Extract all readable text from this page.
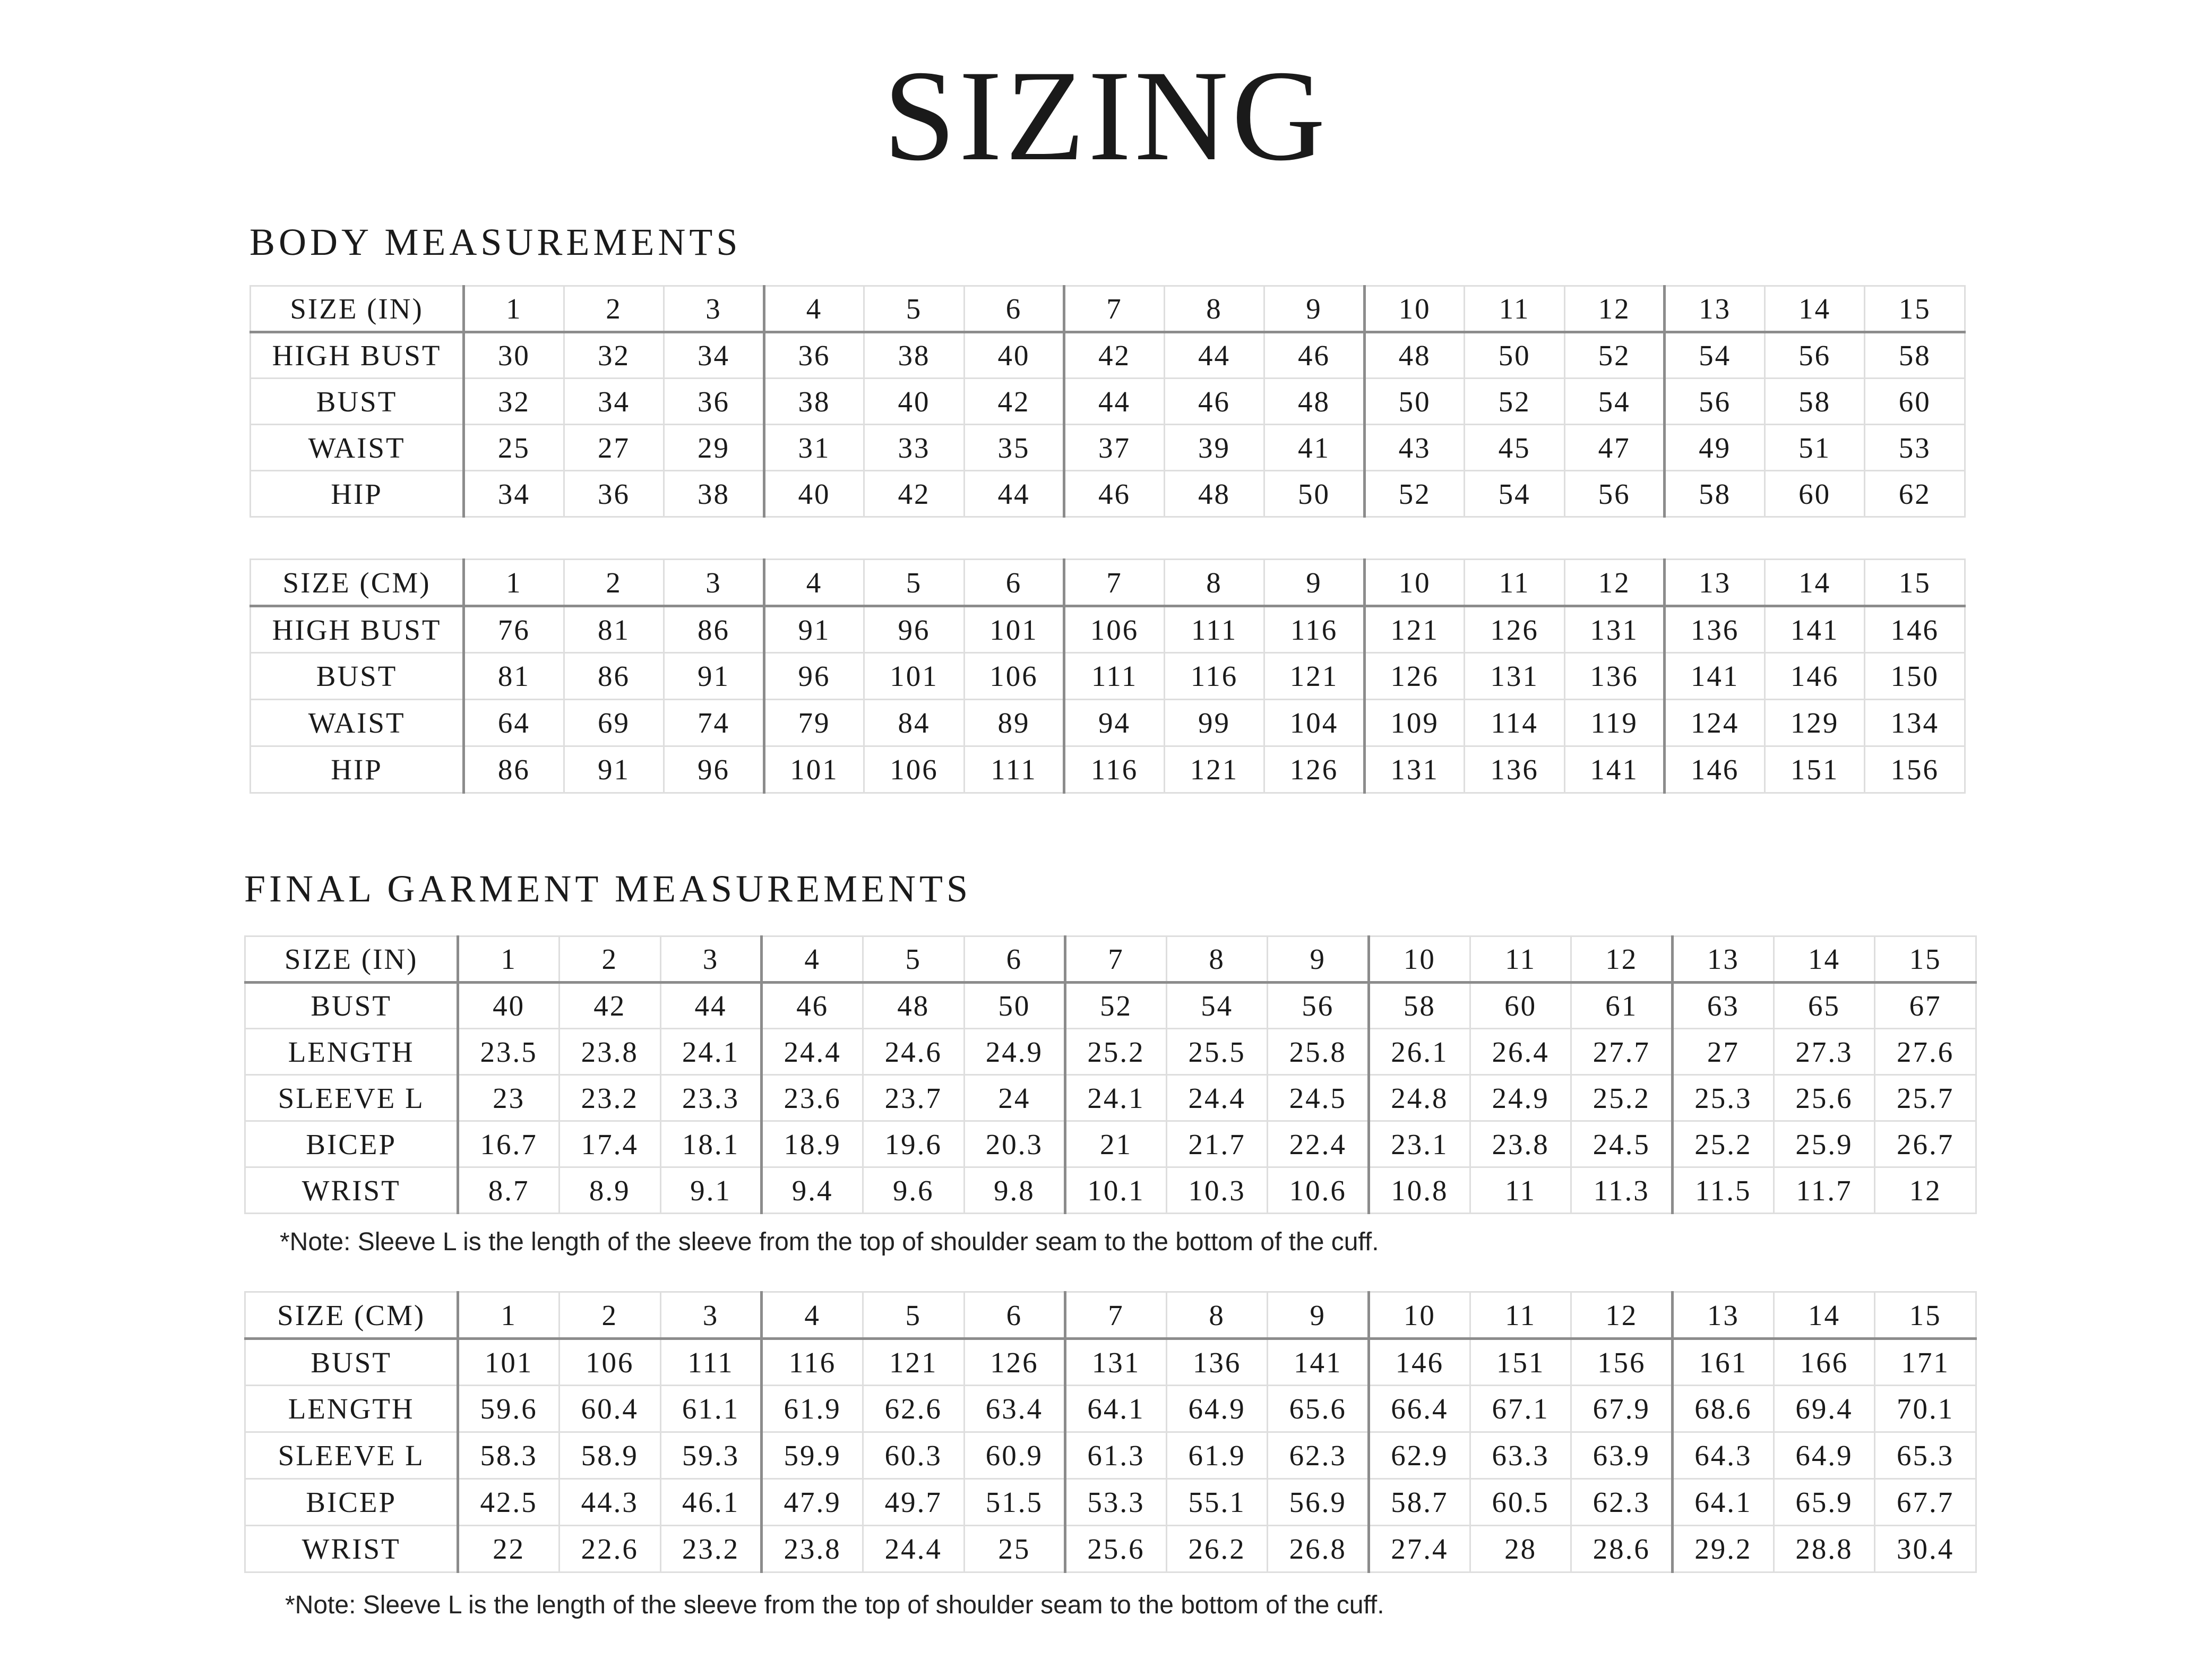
SIZING
BODY MEASUREMENTS
SIZE (IN)	1	2	3	4	5	6	7	8	9	10	11	12	13	14	15
HIGH BUST	30	32	34	36	38	40	42	44	46	48	50	52	54	56	58
BUST	32	34	36	38	40	42	44	46	48	50	52	54	56	58	60
WAIST	25	27	29	31	33	35	37	39	41	43	45	47	49	51	53
HIP	34	36	38	40	42	44	46	48	50	52	54	56	58	60	62
SIZE (CM)	1	2	3	4	5	6	7	8	9	10	11	12	13	14	15
HIGH BUST	76	81	86	91	96	101	106	111	116	121	126	131	136	141	146
BUST	81	86	91	96	101	106	111	116	121	126	131	136	141	146	150
WAIST	64	69	74	79	84	89	94	99	104	109	114	119	124	129	134
HIP	86	91	96	101	106	111	116	121	126	131	136	141	146	151	156
FINAL GARMENT MEASUREMENTS
SIZE (IN)	1	2	3	4	5	6	7	8	9	10	11	12	13	14	15
BUST	40	42	44	46	48	50	52	54	56	58	60	61	63	65	67
LENGTH	23.5	23.8	24.1	24.4	24.6	24.9	25.2	25.5	25.8	26.1	26.4	27.7	27	27.3	27.6
SLEEVE L	23	23.2	23.3	23.6	23.7	24	24.1	24.4	24.5	24.8	24.9	25.2	25.3	25.6	25.7
BICEP	16.7	17.4	18.1	18.9	19.6	20.3	21	21.7	22.4	23.1	23.8	24.5	25.2	25.9	26.7
WRIST	8.7	8.9	9.1	9.4	9.6	9.8	10.1	10.3	10.6	10.8	11	11.3	11.5	11.7	12

*Note: Sleeve L is the length of the sleeve from the top of shoulder seam to the bottom of the cuff.

SIZE (CM)	1	2	3	4	5	6	7	8	9	10	11	12	13	14	15
BUST	101	106	111	116	121	126	131	136	141	146	151	156	161	166	171
LENGTH	59.6	60.4	61.1	61.9	62.6	63.4	64.1	64.9	65.6	66.4	67.1	67.9	68.6	69.4	70.1
SLEEVE L	58.3	58.9	59.3	59.9	60.3	60.9	61.3	61.9	62.3	62.9	63.3	63.9	64.3	64.9	65.3
BICEP	42.5	44.3	46.1	47.9	49.7	51.5	53.3	55.1	56.9	58.7	60.5	62.3	64.1	65.9	67.7
WRIST	22	22.6	23.2	23.8	24.4	25	25.6	26.2	26.8	27.4	28	28.6	29.2	28.8	30.4

*Note: Sleeve L is the length of the sleeve from the top of shoulder seam to the bottom of the cuff.
